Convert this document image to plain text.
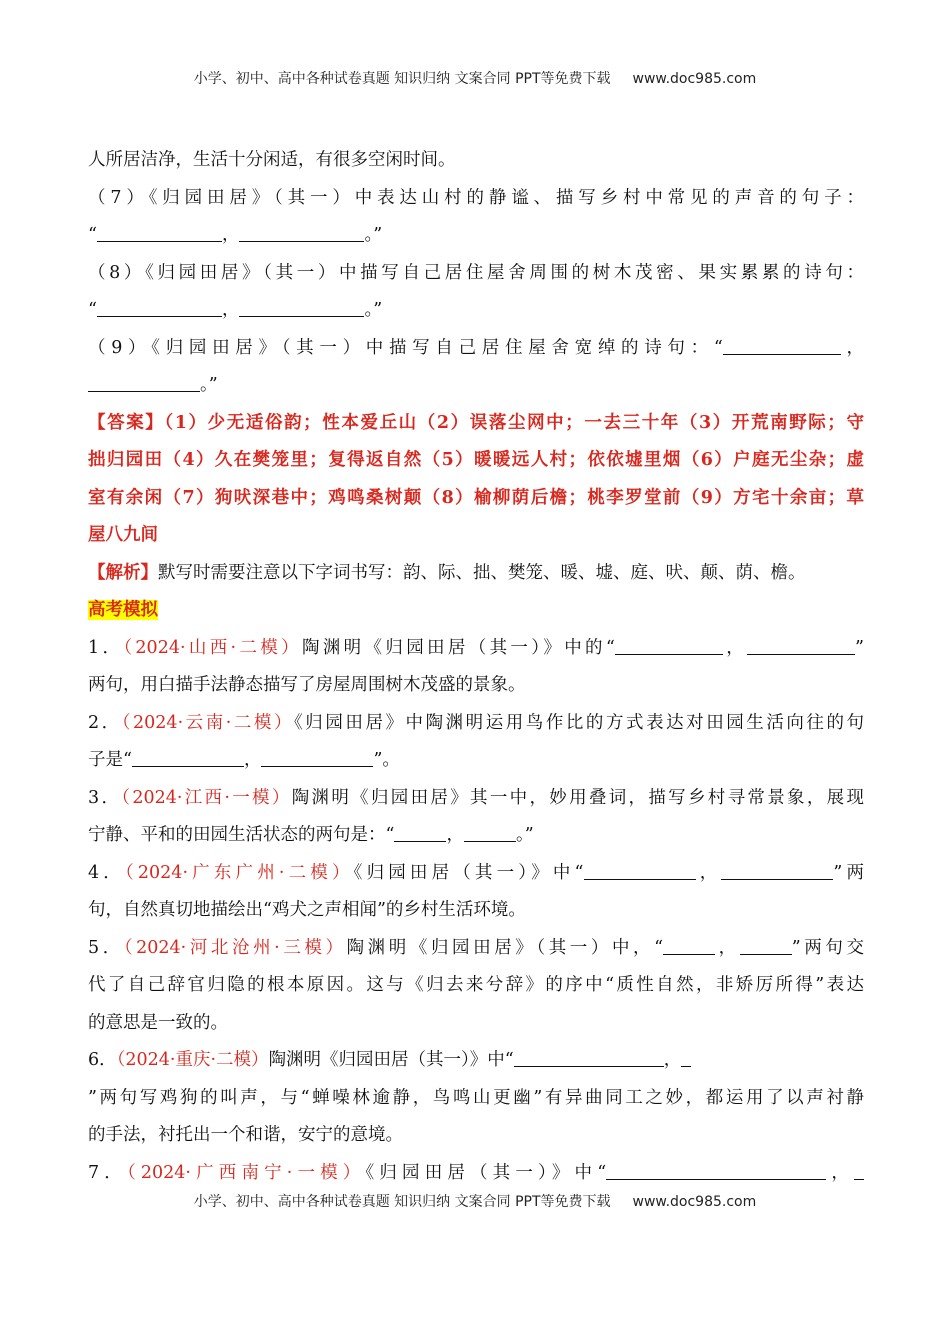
小学、初中、高中各种试卷真题 知识归纳 文案合同 PPT等免费下载 www.doc985.com
人所居洁净，生活十分闲适，有很多空闲时间。
（7）《归园田居》（其一）中表达山村的静谧、描写乡村中常见的声音的句子：
“	，	。”
（8）《归园田居》（其一）中描写自己居住屋舍周围的树木茂密、果实累累的诗句：
“	，	。”
（9）《归园田居》（其一）中描写自己居住屋舍宽绰的诗句：“	，
。”
【答案】（1）少无适俗韵；性本爱丘山（2）误落尘网中；一去三十年（3）开荒南野际；守
拙归园田（4）久在樊笼里；复得返自然（5）暖暖远人村；依依墟里烟（6）户庭无尘杂；虚
室有余闲（7）狗吠深巷中；鸡鸣桑树颠（8）榆柳荫后檐；桃李罗堂前（9）方宅十余亩；草
屋八九间
【解析】默写时需要注意以下字词书写：韵、际、拙、樊笼、暖、墟、庭、吠、颠、荫、檐。
高考模拟
1．（2024·山西·二模）陶渊明《归园田居（其一）》中的“	，	”
两句，用白描手法静态描写了房屋周围树木茂盛的景象。
2．（2024·云南·二模）《归园田居》中陶渊明运用鸟作比的方式表达对田园生活向往的句
子是“	，	”。
3．（2024·江西·一模）陶渊明《归园田居》其一中，妙用叠词，描写乡村寻常景象，展现
宁静、平和的田园生活状态的两句是：“	，	。”
4．（2024·广东广州·二模）《归园田居（其一）》中“	，	”两
句，自然真切地描绘出“鸡犬之声相闻”的乡村生活环境。
5．（2024·河北沧州·三模）陶渊明《归园田居》（其一）中，“	，	”两句交
代了自己辞官归隐的根本原因。这与《归去来兮辞》的序中“质性自然，非矫厉所得”表达
的意思是一致的。
6．（2024·重庆·二模）陶渊明《归园田居（其一）》中“	，
”两句写鸡狗的叫声，与“蝉噪林逾静，鸟鸣山更幽”有异曲同工之妙，都运用了以声衬静
的手法，衬托出一个和谐，安宁的意境。
7．（2024·广西南宁·一模）《归园田居（其一）》中“	，
小学、初中、高中各种试卷真题 知识归纳 文案合同 PPT等免费下载 www.doc985.com
